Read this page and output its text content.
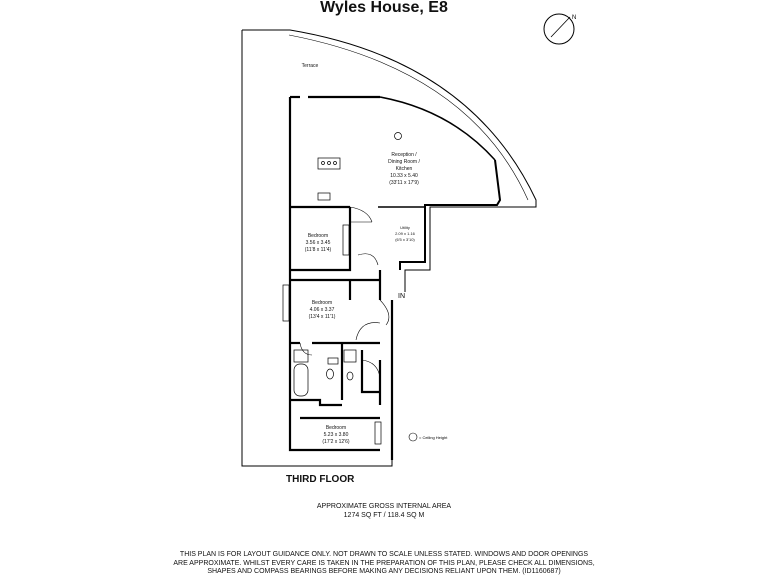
Wyles House, E8
N
Terrace
Reception /
Dining Room /
Kitchen
10.33 x 5.40
(33'11 x 17'9)
Utility
2.09 x 1.16
(6'5 x 3'10)
Bedroom
3.56 x 3.45
(11'8 x 11'4)
Bedroom
4.06 x 3.37
(13'4 x 11'1)
Bedroom
5.23 x 3.80
(17'2 x 12'6)
IN
= Ceiling Height
THIRD FLOOR
APPROXIMATE GROSS INTERNAL AREA
1274 SQ FT / 118.4 SQ M
THIS PLAN IS FOR LAYOUT GUIDANCE ONLY. NOT DRAWN TO SCALE UNLESS STATED. WINDOWS AND DOOR OPENINGS
ARE APPROXIMATE. WHILST EVERY CARE IS TAKEN IN THE PREPARATION OF THIS PLAN, PLEASE CHECK ALL DIMENSIONS,
SHAPES AND COMPASS BEARINGS BEFORE MAKING ANY DECISIONS RELIANT UPON THEM. (ID1160687)
